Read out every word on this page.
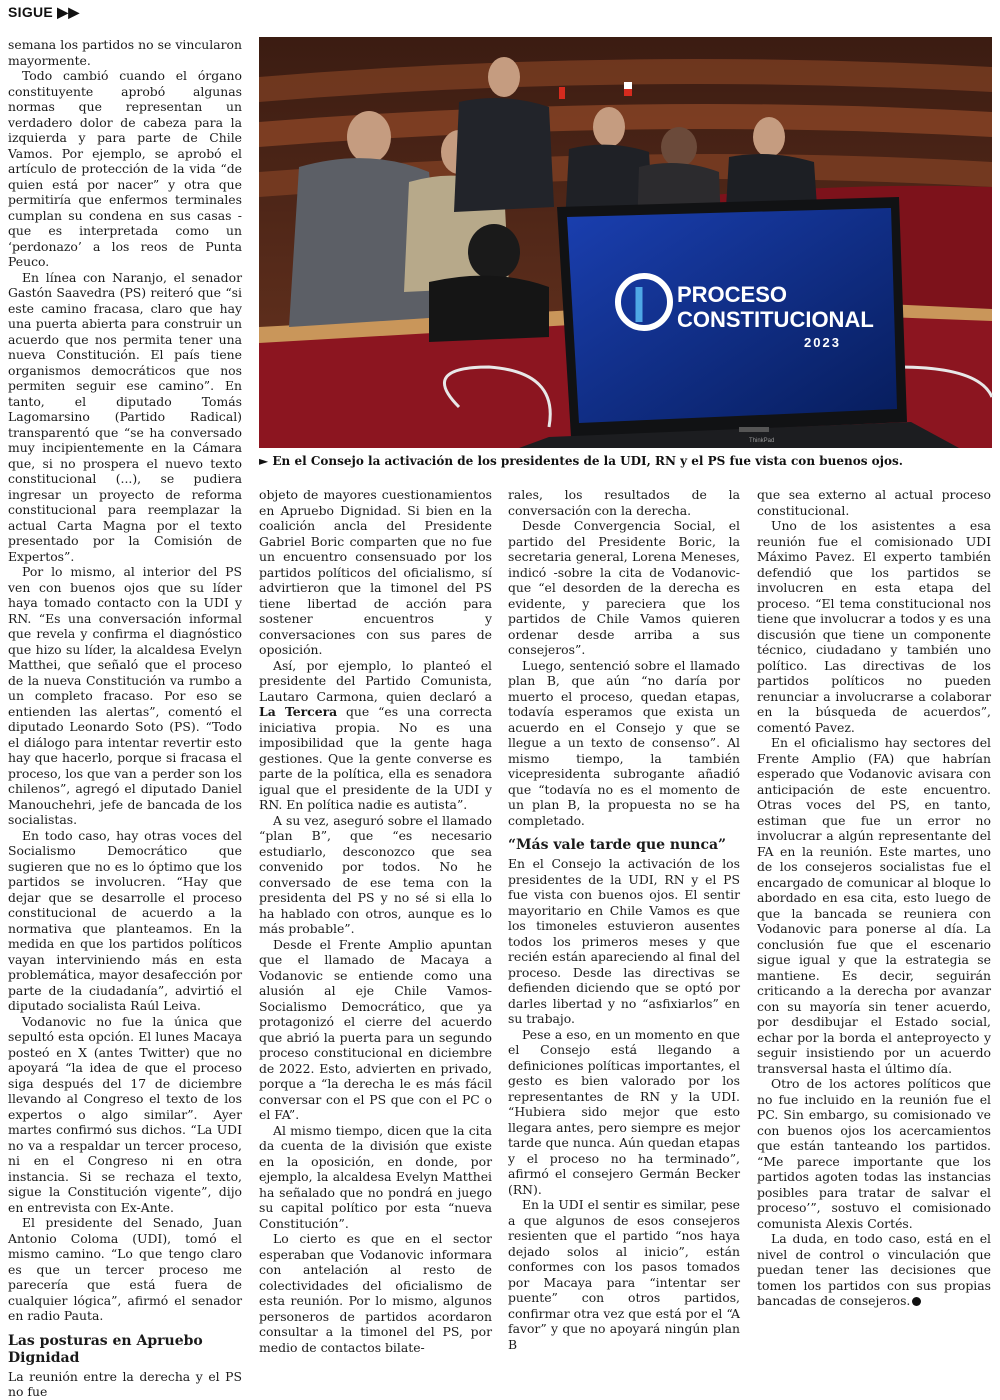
SIGUE ▶▶

semana los partidos no se vincularon mayormente.

Todo cambió cuando el órgano constituyente aprobó algunas normas que representan un verdadero dolor de cabeza para la izquierda y para parte de Chile Vamos. Por ejemplo, se aprobó el artículo de protección de la vida “de quien está por nacer” y otra que permitiría que enfermos terminales cumplan su condena en sus casas -que es interpretada como un ‘perdonazo’ a los reos de Punta Peuco.

En línea con Naranjo, el senador Gastón Saavedra (PS) reiteró que “si este camino fracasa, claro que hay una puerta abierta para construir un acuerdo que nos permita tener una nueva Constitución. El país tiene organismos democráticos que nos permiten seguir ese camino”. En tanto, el diputado Tomás Lagomarsino (Partido Radical) transparentó que “se ha conversado muy incipientemente en la Cámara que, si no prospera el nuevo texto constitucional (...), se pudiera ingresar un proyecto de reforma constitucional para reemplazar la actual Carta Magna por el texto presentado por la Comisión de Expertos”.

Por lo mismo, al interior del PS ven con buenos ojos que su líder haya tomado contacto con la UDI y RN. “Es una conversación informal que revela y confirma el diagnóstico que hizo su líder, la alcaldesa Evelyn Matthei, que señaló que el proceso de la nueva Constitución va rumbo a un completo fracaso. Por eso se entienden las alertas”, comentó el diputado Leonardo Soto (PS). “Todo el diálogo para intentar revertir esto hay que hacerlo, porque si fracasa el proceso, los que van a perder son los chilenos”, agregó el diputado Daniel Manouchehri, jefe de bancada de los socialistas.

En todo caso, hay otras voces del Socialismo Democrático que sugieren que no es lo óptimo que los partidos se involucren. “Hay que dejar que se desarrolle el proceso constitucional de acuerdo a la normativa que planteamos. En la medida en que los partidos políticos vayan interviniendo más en esta problemática, mayor desafección por parte de la ciudadanía”, advirtió el diputado socialista Raúl Leiva.

Vodanovic no fue la única que sepultó esta opción. El lunes Macaya posteó en X (antes Twitter) que no apoyará “la idea de que el proceso siga después del 17 de diciembre llevando al Congreso el texto de los expertos o algo similar”. Ayer martes confirmó sus dichos. “La UDI no va a respaldar un tercer proceso, ni en el Congreso ni en otra instancia. Si se rechaza el texto, sigue la Constitución vigente”, dijo en entrevista con Ex-Ante.

El presidente del Senado, Juan Antonio Coloma (UDI), tomó el mismo camino. “Lo que tengo claro es que un tercer proceso me parecería que está fuera de cualquier lógica”, afirmó el senador en radio Pauta.

Las posturas en Apruebo Dignidad

La reunión entre la derecha y el PS no fue

PROCESO
CONSTITUCIONAL
2023
ThinkPad
► En el Consejo la activación de los presidentes de la UDI, RN y el PS fue vista con buenos ojos.

objeto de mayores cuestionamientos en Apruebo Dignidad. Si bien en la coalición ancla del Presidente Gabriel Boric comparten que no fue un encuentro consensuado por los partidos políticos del oficialismo, sí advirtieron que la timonel del PS tiene libertad de acción para sostener encuentros y conversaciones con sus pares de oposición.

Así, por ejemplo, lo planteó el presidente del Partido Comunista, Lautaro Carmona, quien declaró a La Tercera que “es una correcta iniciativa propia. No es una imposibilidad que la gente haga gestiones. Que la gente converse es parte de la política, ella es senadora igual que el presidente de la UDI y RN. En política nadie es autista”.

A su vez, aseguró sobre el llamado “plan B”, que “es necesario estudiarlo, desconozco que sea convenido por todos. No he conversado de ese tema con la presidenta del PS y no sé si ella lo ha hablado con otros, aunque es lo más probable”.

Desde el Frente Amplio apuntan que el llamado de Macaya a Vodanovic se entiende como una alusión al eje Chile Vamos-Socialismo Democrático, que ya protagonizó el cierre del acuerdo que abrió la puerta para un segundo proceso constitucional en diciembre de 2022. Esto, advierten en privado, porque a “la derecha le es más fácil conversar con el PS que con el PC o el FA”.

Al mismo tiempo, dicen que la cita da cuenta de la división que existe en la oposición, en donde, por ejemplo, la alcaldesa Evelyn Matthei ha señalado que no pondrá en juego su capital político por esta “nueva Constitución”.

Lo cierto es que en el sector esperaban que Vodanovic informara con antelación al resto de colectividades del oficialismo de esta reunión. Por lo mismo, algunos personeros de partidos acordaron consultar a la timonel del PS, por medio de contactos bilate-

rales, los resultados de la conversación con la derecha.

Desde Convergencia Social, el partido del Presidente Boric, la secretaria general, Lorena Meneses, indicó -sobre la cita de Vodanovic- que “el desorden de la derecha es evidente, y pareciera que los partidos de Chile Vamos quieren ordenar desde arriba a sus consejeros”.

Luego, sentenció sobre el llamado plan B, que aún “no daría por muerto el proceso, quedan etapas, todavía esperamos que exista un acuerdo en el Consejo y que se llegue a un texto de consenso”. Al mismo tiempo, la también vicepresidenta subrogante añadió que “todavía no es el momento de un plan B, la propuesta no se ha completado.

“Más vale tarde que nunca”

En el Consejo la activación de los presidentes de la UDI, RN y el PS fue vista con buenos ojos. El sentir mayoritario en Chile Vamos es que los timoneles estuvieron ausentes todos los primeros meses y que recién están apareciendo al final del proceso. Desde las directivas se defienden diciendo que se optó por darles libertad y no “asfixiarlos” en su trabajo.

Pese a eso, en un momento en que el Consejo está llegando a definiciones políticas importantes, el gesto es bien valorado por los representantes de RN y la UDI. “Hubiera sido mejor que esto llegara antes, pero siempre es mejor tarde que nunca. Aún quedan etapas y el proceso no ha terminado”, afirmó el consejero Germán Becker (RN).

En la UDI el sentir es similar, pese a que algunos de esos consejeros resienten que el partido “nos haya dejado solos al inicio”, están conformes con los pasos tomados por Macaya para “intentar ser puente” con otros partidos, confirmar otra vez que está por el “A favor” y que no apoyará ningún plan B

que sea externo al actual proceso constitucional.

Uno de los asistentes a esa reunión fue el comisionado UDI Máximo Pavez. El experto también defendió que los partidos se involucren en esta etapa del proceso. “El tema constitucional nos tiene que involucrar a todos y es una discusión que tiene un componente técnico, ciudadano y también uno político. Las directivas de los partidos políticos no pueden renunciar a involucrarse a colaborar en la búsqueda de acuerdos”, comentó Pavez.

En el oficialismo hay sectores del Frente Amplio (FA) que habrían esperado que Vodanovic avisara con anticipación de este encuentro. Otras voces del PS, en tanto, estiman que fue un error no involucrar a algún representante del FA en la reunión. Este martes, uno de los consejeros socialistas fue el encargado de comunicar al bloque lo abordado en esa cita, esto luego de que la bancada se reuniera con Vodanovic para ponerse al día. La conclusión fue que el escenario sigue igual y que la estrategia se mantiene. Es decir, seguirán criticando a la derecha por avanzar con su mayoría sin tener acuerdo, por desdibujar el Estado social, echar por la borda el anteproyecto y seguir insistiendo por un acuerdo transversal hasta el último día.

Otro de los actores políticos que no fue incluido en la reunión fue el PC. Sin embargo, su comisionado ve con buenos ojos los acercamientos que están tanteando los partidos. “Me parece importante que los partidos agoten todas las instancias posibles para tratar de salvar el proceso’”, sostuvo el comisionado comunista Alexis Cortés.

La duda, en todo caso, está en el nivel de control o vinculación que puedan tener las decisiones que tomen los partidos con sus propias bancadas de consejeros.
